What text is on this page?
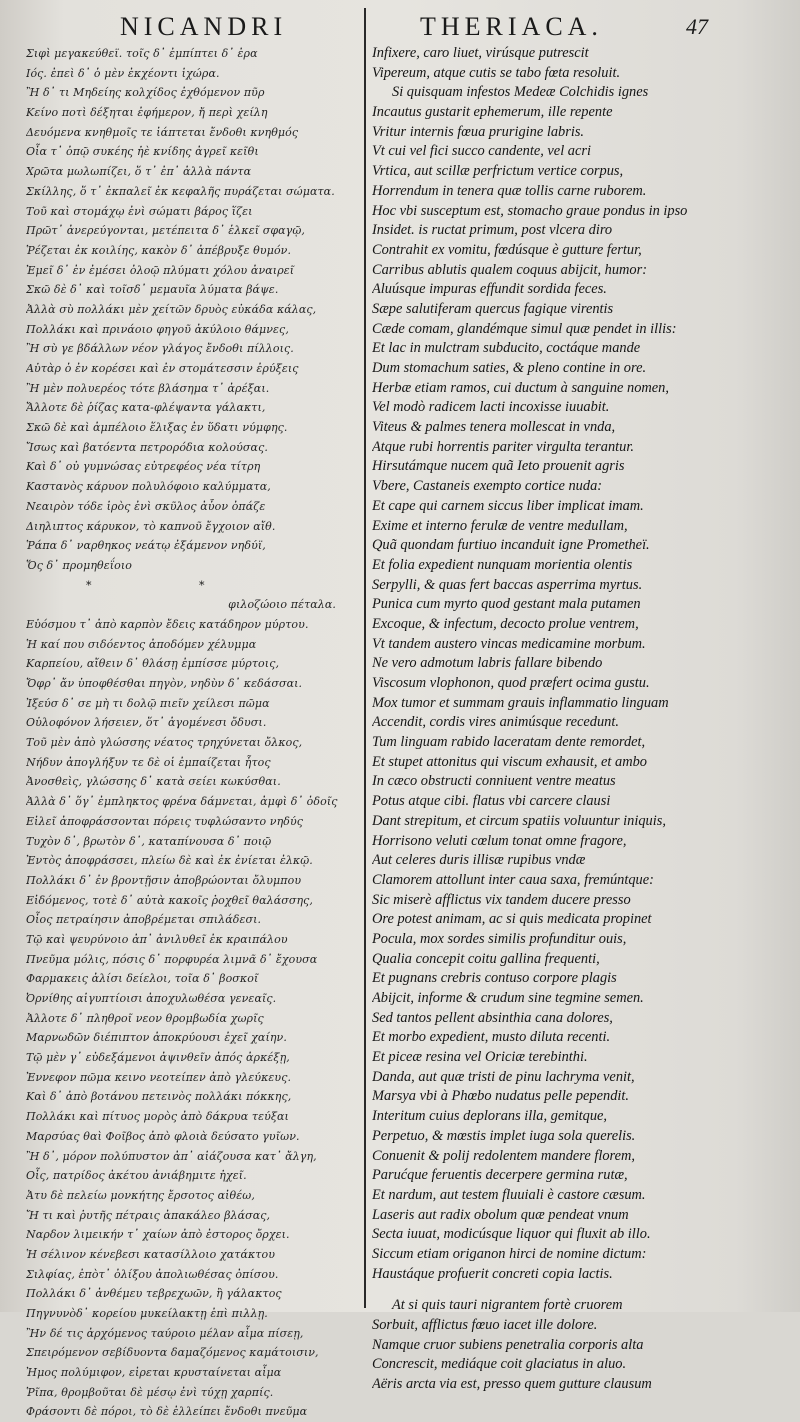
NICANDRI	THERIACA.	47
Σιφὶ μεγακεύθεϊ. τοῖς δ᾽ ἐμπίπτει δ᾽ ἐρα
Ιός. ἐπεὶ δ᾽ ὁ μὲν ἐκχέοντι ἰχώρα.
Ἢ δ᾽ τι Μηδείης κολχίδος ἐχθόμενον πῦρ
Κείνο ποτὶ δέξηται ἐφήμερον, ἤ περὶ χείλη
Δευόμενα κνηθμοῖς τε ἰάπτεται ἔνδοθι κνηθμός
Οἷα τ᾽ ὀπῷ συκέης ἠὲ κνίδης ἀγρεῖ κεῖθι
Χρῶτα μωλωπίζει, ὅ τ᾽ ἐπ᾽ ἀλλὰ πάντα
Σκίλλης, ὅ τ᾽ ἐκπαλεῖ ἐκ κεφαλῆς πυράζεται σώματα.
Τοῦ καὶ στομάχῳ ἐνὶ σώματι βάρος ἵζει
Πρῶτ᾽ ἀνερεύγονται, μετέπειτα δ᾽ ἑλκεῖ σφαγῷ,
Ῥέζεται ἐκ κοιλίης, κακὸν δ᾽ ἀπέβρυξε θυμόν.
Ἐμεῖ δ᾽ ἐν ἐμέσει ὀλοῷ πλύματι χόλου ἀναιρεῖ
Σκῶ δὲ δ᾽ καὶ τοῖσδ᾽ μεμαυῖα λύματα βάψε.
Ἀλλὰ σὺ πολλάκι μὲν χείτῶν δρυὸς εὐκάδα κάλας,
Πολλάκι καὶ πρινάοιο φηγοῦ ἀκύλοιο θάμνες,
Ἢ σὺ γε βδάλλων νέον γλάγος ἔνδοθι πίλλοις.
Αὐτὰρ ὁ ἐν κορέσει καὶ ἐν στομάτεσσιν ἐρύξεις
Ἢ μὲν πολυερέος τότε βλάσημα τ᾽ ἀρέξαι.
Ἄλλοτε δὲ ῥίζας κατα-φλέψαντα γάλακτι,
Σκῶ δὲ καὶ ἀμπέλοιο ἕλιξας ἐν ὕδατι νύμφης.
Ἴσως καὶ βατόεντα πετρορόδια κολούσας.
Καὶ δ᾽ οὐ γυμνώσας εὐτρεφέος νέα τίτρη
Καστανὸς κάρυον πολυλόφοιο καλύμματα,
Νεαιρὸν τόδε ἰρὸς ἐνὶ σκῦλος ἀὖον ὀπάζε
Διηλιπτος κάρυκον, τὸ καπνοῦ ἔγχοιον αἴθ.
Ῥάπα δ᾽ ναρθηκος νεάτῳ ἐξάμενον νηδύϊ,
Ὅς δ᾽ προμηθεΐοιο
*	*
φιλοζώοιο πέταλα.
Εὐόσμου τ᾽ ἀπὸ καρπὸν ἔδεις κατάδηρον μύρτου.
Ἡ καί που σιδόεντος ἀποδόμεν χέλυμμα
Καρπείου, αἴθειν δ᾽ θλάσῃ ἐμπίσσε μύρτοις,
Ὄφρ᾽ ἄν ὑποφθέσθαι πηγὸν, νηδὺν δ᾽ κεδάσσαι.
Ἰξεύσ δ᾽ σε μὴ τι δολῷ πιεῖν χείλεσι πῶμα
Οὐλοφόνον λήσειεν, ὅτ᾽ ἀγομένεσι ὄδυσι.
Τοῦ μὲν ἀπὸ γλώσσης νέατος τρηχύνεται ὄλκος,
Νήδυν ἀπογλήξυν τε δὲ οἱ ἐμπαίζεται ἦτος
Ἀνοσθεὶς, γλώσσης δ᾽ κατὰ σείει κωκύσθαι.
Ἀλλὰ δ᾽ ὅγ᾽ ἐμπληκτος φρένα δάμνεται, ἀμφὶ δ᾽ ὁδοῖς
Εἰλεῖ ἀποφράσσονται πόρεις τυφλώσαντο νηδύς
Τυχὸν δ᾽, βρωτὸν δ᾽, καταπίνουσα δ᾽ ποιῷ
Ἐντὸς ἀποφράσσει, πλείω δὲ καὶ ἐκ ἐνίεται ἐλκῷ.
Πολλάκι δ᾽ ἐν βροντῇσιν ἀποβρώονται ὄλυμπου
Εἰδόμενος, τοτὲ δ᾽ αὐτὰ κακοῖς ῥοχθεῖ θαλάσσης,
Οἷος πετραίησιν ἀποβρέμεται σπιλάδεσι.
Τῷ καὶ ψευρύνοιο ἀπ᾽ ἀνιλυθεῖ ἐκ κραιπάλου
Πνεῦμα μόλις, πόσις δ᾽ πορφυρέα λιμνᾶ δ᾽ ἔχουσα
Φαρμακεις ἀλίσι δείελοι, τοῖα δ᾽ βοσκοῖ
Ὀρνίθης αἰγυπτίοισι ἀποχυλωθέσα γενεαῖς.
Ἀλλοτε δ᾽ πληθροῖ νεον θρομβωδία χωρῖς
Μαρνωδῶν διέπιπτον ἀποκρύουσι ἐχεῖ χαίην.
Τῷ μὲν γ᾽ εὐδεξάμενοι ἀψινθεῖν ἀπός ἀρκέξῃ,
Ἐννεφον πῶμα κεινο νεοτείπεν ἀπὸ γλεύκευς.
Καὶ δ᾽ ἀπὸ βοτάνου πετεινὸς πολλάκι πόκκης,
Πολλάκι καὶ πίτυος μορὸς ἀπὸ δάκρυα τεύξαι
Μαρσύας θαὶ Φοῖβος ἀπὸ φλοιὰ δεύσατο γυῖων.
Ἢ δ᾽, μόρον πολύπυστον ἀπ᾽ αἰάζουσα κατ᾽ ἄλγη,
Οἷς, πατρίδος ἀκέτου ἀνιάβημιτε ἠχεῖ.
Ἀτυ δὲ πελείω μονκήτης ἔρσοτος αἰθέω,
Ἤ τι καὶ ῥυτῆς πέτραις ἀπακάλεο βλάσας,
Ναρδον λιμεικήν τ᾽ χαίων ἀπὸ ἐστορος ὄρχει.
Ἡ σέλινον κένεβεσι κατασίλλοιο χατάκτου
Σιλφίας, ἐπὸτ᾽ ὀλίξου ἀπολιωθέσας ὀπίσου.
Πολλάκι δ᾽ ἀνθέμευ τεβρεχωῶν, ἢ γάλακτος
Πηγνυνὸδ᾽ κορείου μυκείλακτῃ ἐπὶ πιλλῃ.
Ἢν δέ τις ἀρχόμενος ταύροιο μέλαν αἷμα πίσεῃ,
Σπειρόμενον σεβίδυοντα δαμαζόμενος καμάτοισιν,
Ἠμος πολύμιφον, εἰρεται κρυσταίνεται αἷμα
Ῥῖπα, θρομβοῦται δὲ μέσῳ ἐνὶ τύχῃ χαρπίς.
Φράσοντι δὲ πόροι, τὸ δὲ ἐλλείπει ἔνδοθι πνεῦμα
Infixere, caro liuet, virúsque putrescit
Vipereum, atque cutis se tabo fœta resoluit.
Si quisquam infestos Medeæ Colchidis ignes
Incautus gustarit ephemerum, ille repente
Vritur internis fœua prurigine labris.
Vt cui vel fici succo candente, vel acri
Vrtica, aut scillæ perfrictum vertice corpus,
Horrendum in tenera quæ tollis carne ruborem.
Hoc vbi susceptum est, stomacho graue pondus in ipso
Insidet. is ructat primum, post vlcera diro
Contrahit ex vomitu, fœdúsque è gutture fertur,
Carribus ablutis qualem coquus abijcit, humor:
Aluúsque impuras effundit sordida feces.
Sæpe salutiferam quercus fagique virentis
Cæde comam, glandémque simul quæ pendet in illis:
Et lac in mulctram subducito, coctáque mande
Dum stomachum saties, & pleno contine in ore.
Herbæ etiam ramos, cui ductum à sanguine nomen,
Vel modò radicem lacti incoxisse iuuabit.
Viteus & palmes tenera mollescat in vnda,
Atque rubi horrentis pariter virgulta terantur.
Hirsutámque nucem quã Ieto prouenit agris
Vbere, Castaneis exempto cortice nuda:
Et cape qui carnem siccus liber implicat imam.
Exime et interno ferulæ de ventre medullam,
Quã quondam furtiuo incanduit igne Prometheï.
Et folia expedient nunquam morientia olentis
Serpylli, & quas fert baccas asperrima myrtus.
Punica cum myrto quod gestant mala putamen
Excoque, & infectum, decocto prolue ventrem,
Vt tandem austero vincas medicamine morbum.
Ne vero admotum labris fallare bibendo
Viscosum vlophonon, quod præfert ocima gustu.
Mox tumor et summam grauis inflammatio linguam
Accendit, cordis vires animúsque recedunt.
Tum linguam rabido laceratam dente remordet,
Et stupet attonitus qui viscum exhausit, et ambo
In cæco obstructi conniuent ventre meatus
Potus atque cibi. flatus vbi carcere clausi
Dant strepitum, et circum spatiis voluuntur iniquis,
Horrisono veluti cœlum tonat omne fragore,
Aut celeres duris illisæ rupibus vndæ
Clamorem attollunt inter caua saxa, fremúntque:
Sic miserè afflictus vix tandem ducere presso
Ore potest animam, ac si quis medicata propinet
Pocula, mox sordes similis profunditur ouis,
Qualia concepit coitu gallina frequenti,
Et pugnans crebris contuso corpore plagis
Abijcit, informe & crudum sine tegmine semen.
Sed tantos pellent absinthia cana dolores,
Et morbo expedient, musto diluta recenti.
Et piceæ resina vel Oriciæ terebinthi.
Danda, aut quæ tristi de pinu lachryma venit,
Marsya vbi à Phœbo nudatus pelle pependit.
Interitum cuius deplorans illa, gemitque,
Perpetuo, & mœstis implet iuga sola querelis.
Conuenit & polij redolentem mandere florem,
Parućque feruentis decerpere germina rutæ,
Et nardum, aut testem fluuiali è castore cæsum.
Laseris aut radix obolum quæ pendeat vnum
Secta iuuat, modicúsque liquor qui fluxit ab illo.
Siccum etiam origanon hirci de nomine dictum:
Haustáque profuerit concreti copia lactis.
At si quis tauri nigrantem fortè cruorem
Sorbuit, afflictus fœuo iacet ille dolore.
Namque cruor subiens penetralia corporis alta
Concrescit, mediáque coit glaciatus in aluo.
Aëris arcta via est, presso quem gutture clausum
